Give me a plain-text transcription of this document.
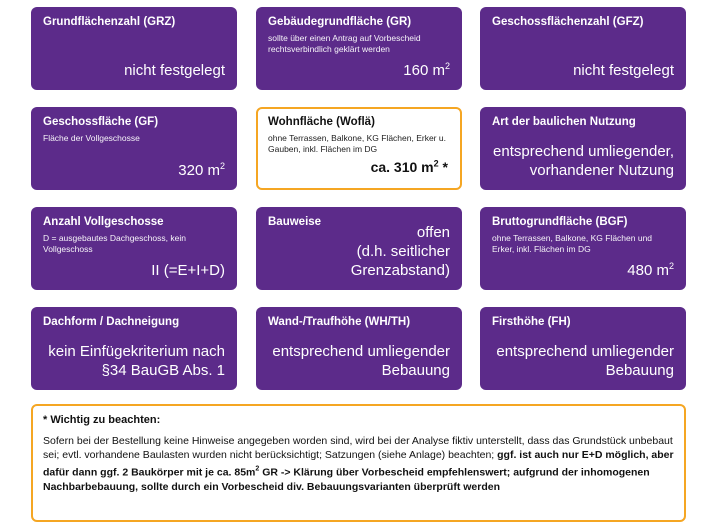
Grundflächenzahl (GRZ)
nicht festgelegt
Gebäudegrundfläche (GR)
sollte über einen Antrag auf Vorbescheid rechtsverbindlich geklärt werden
160 $m^2$
Geschossflächenzahl (GFZ)
nicht festgelegt
Geschossfläche (GF)
Fläche der Vollgeschosse
320 $m^2$
Wohnfläche (Woflä)
ohne Terrassen, Balkone, KG Flächen, Erker u. Gauben, inkl. Flächen im DG
ca. 310 $m^2$ *
Art der baulichen Nutzung
entsprechend umliegender,
vorhandener Nutzung
Anzahl Vollgeschosse
D = ausgebautes Dachgeschoss, kein Vollgeschoss
II (=E+I+D)
Bauweise
offen
(d.h. seitlicher Grenzabstand)
Bruttogrundfläche (BGF)
ohne Terrassen, Balkone, KG Flächen und Erker, inkl. Flächen im DG
480 $m^2$
Dachform / Dachneigung
kein Einfügekriterium nach
§34 BauGB Abs. 1
Wand-/Traufhöhe (WH/TH)
entsprechend umliegender
Bebauung
Firsthöhe (FH)
entsprechend umliegender
Bebauung
* Wichtig zu beachten:
Sofern bei der Bestellung keine Hinweise angegeben worden sind, wird bei der Analyse fiktiv unterstellt, dass das Grundstück unbebaut sei; evtl. vorhandene Baulasten wurden nicht berücksichtigt; Satzungen (siehe Anlage) beachten; ggf. ist auch nur E+D möglich, aber dafür dann ggf. 2 Baukörper mit je ca. $85m^2$ GR -> Klärung über Vorbescheid empfehlenswert; aufgrund der inhomogenen Nachbarbebauung, sollte durch ein Vorbescheid div. Bebauungsvarianten überprüft werden
